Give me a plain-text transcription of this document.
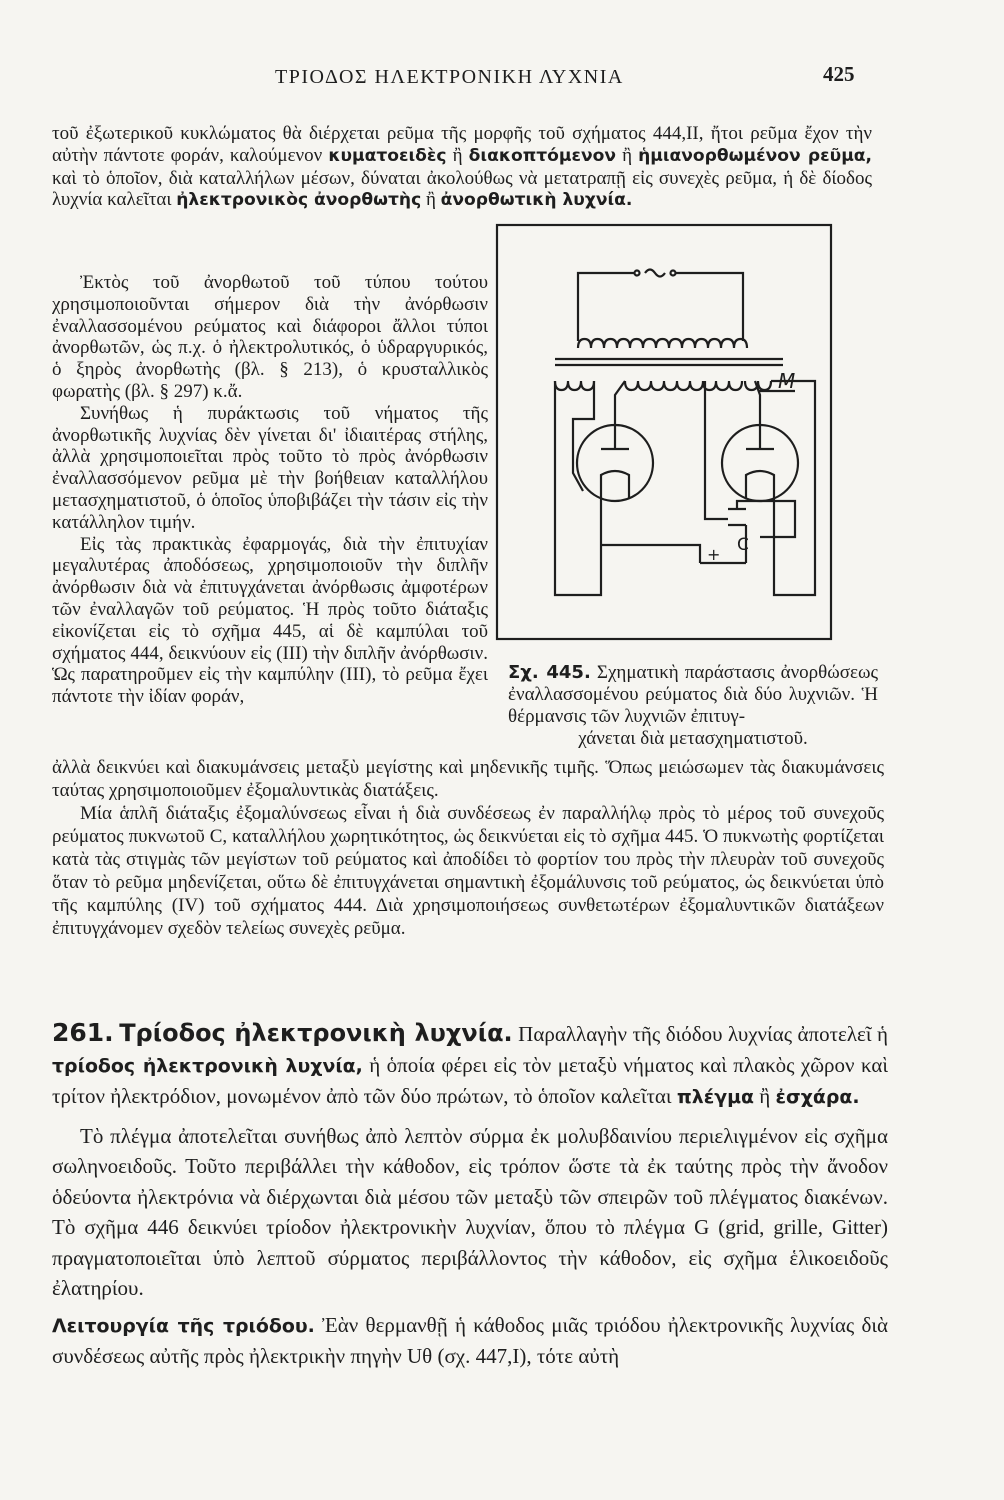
ΤΡΙΟΔΟΣ ΗΛΕΚΤΡΟΝΙΚΗ ΛΥΧΝΙΑ	425

τοῦ ἐξωτερικοῦ κυκλώματος θὰ διέρχεται ρεῦμα τῆς μορφῆς τοῦ σχήματος 444,II, ἤτοι ρεῦμα ἔχον τὴν αὐτὴν πάντοτε φοράν, καλούμενον κυματοειδὲς ἢ διακοπτόμενον ἢ ἡμιανορθωμένον ρεῦμα, καὶ τὸ ὁποῖον, διὰ καταλλήλων μέσων, δύναται ἀκολούθως νὰ μετατραπῇ εἰς συνεχὲς ρεῦμα, ἡ δὲ δίοδος λυχνία καλεῖται ἠλεκτρονικὸς ἀνορθωτὴς ἢ ἀνορθωτικὴ λυχνία.

Ἐκτὸς τοῦ ἀνορθωτοῦ τοῦ τύπου τούτου χρησιμοποιοῦνται σήμερον διὰ τὴν ἀνόρθωσιν ἐναλλασσομένου ρεύματος καὶ διάφοροι ἄλλοι τύποι ἀνορθωτῶν, ὡς π.χ. ὁ ἠλεκτρολυτικός, ὁ ὑδραργυρικός, ὁ ξηρὸς ἀνορθωτὴς (βλ. § 213), ὁ κρυσταλλικὸς φωρατὴς (βλ. § 297) κ.ἄ.

Συνήθως ἡ πυράκτωσις τοῦ νήματος τῆς ἀνορθωτικῆς λυχνίας δὲν γίνεται δι' ἰδιαιτέρας στήλης, ἀλλὰ χρησιμοποιεῖται πρὸς τοῦτο τὸ πρὸς ἀνόρθωσιν ἐναλλασσόμενον ρεῦμα μὲ τὴν βοήθειαν καταλλήλου μετασχηματιστοῦ, ὁ ὁποῖος ὑποβιβάζει τὴν τάσιν εἰς τὴν κατάλληλον τιμήν.

Εἰς τὰς πρακτικὰς ἐφαρμογάς, διὰ τὴν ἐπιτυχίαν μεγαλυτέρας ἀποδόσεως, χρησιμοποιοῦν τὴν διπλῆν ἀνόρθωσιν διὰ νὰ ἐπιτυγχάνεται ἀνόρθωσις ἀμφοτέρων τῶν ἐναλλαγῶν τοῦ ρεύματος. Ἡ πρὸς τοῦτο διάταξις εἰκονίζεται εἰς τὸ σχῆμα 445, αἱ δὲ καμπύλαι τοῦ σχήματος 444, δεικνύουν εἰς (III) τὴν διπλῆν ἀνόρθωσιν. Ὡς παρατηροῦμεν εἰς τὴν καμπύλην (III), τὸ ρεῦμα ἔχει πάντοτε τὴν ἰδίαν φοράν,

−
+
M
C
Σχ. 445. Σχηματικὴ παράστασις ἀνορθώσεως ἐναλλασσομένου ρεύματος διὰ δύο λυχνιῶν. Ἡ θέρμανσις τῶν λυχνιῶν ἐπιτυγ-
χάνεται διὰ μετασχηματιστοῦ.

ἀλλὰ δεικνύει καὶ διακυμάνσεις μεταξὺ μεγίστης καὶ μηδενικῆς τιμῆς. Ὅπως μειώσωμεν τὰς διακυμάνσεις ταύτας χρησιμοποιοῦμεν ἐξομαλυντικὰς διατάξεις.

Μία ἁπλῆ διάταξις ἐξομαλύνσεως εἶναι ἡ διὰ συνδέσεως ἐν παραλλήλῳ πρὸς τὸ μέρος τοῦ συνεχοῦς ρεύματος πυκνωτοῦ C, καταλλήλου χωρητικότητος, ὡς δεικνύεται εἰς τὸ σχῆμα 445. Ὁ πυκνωτὴς φορτίζεται κατὰ τὰς στιγμὰς τῶν μεγίστων τοῦ ρεύματος καὶ ἀποδίδει τὸ φορτίον του πρὸς τὴν πλευρὰν τοῦ συνεχοῦς ὅταν τὸ ρεῦμα μηδενίζεται, οὕτω δὲ ἐπιτυγχάνεται σημαντικὴ ἐξομάλυνσις τοῦ ρεύματος, ὡς δεικνύεται ὑπὸ τῆς καμπύλης (IV) τοῦ σχήματος 444. Διὰ χρησιμοποιήσεως συνθετωτέρων ἐξομαλυντικῶν διατάξεων ἐπιτυγχάνομεν σχεδὸν τελείως συνεχὲς ρεῦμα.

261. Τρίοδος ἠλεκτρονικὴ λυχνία. Παραλλαγὴν τῆς διόδου λυχνίας ἀποτελεῖ ἡ τρίοδος ἠλεκτρονικὴ λυχνία, ἡ ὁποία φέρει εἰς τὸν μεταξὺ νήματος καὶ πλακὸς χῶρον καὶ τρίτον ἠλεκτρόδιον, μονωμένον ἀπὸ τῶν δύο πρώτων, τὸ ὁποῖον καλεῖται πλέγμα ἢ ἐσχάρα.

Τὸ πλέγμα ἀποτελεῖται συνήθως ἀπὸ λεπτὸν σύρμα ἐκ μολυβδαινίου περιελιγμένον εἰς σχῆμα σωληνοειδοῦς. Τοῦτο περιβάλλει τὴν κάθοδον, εἰς τρόπον ὥστε τὰ ἐκ ταύτης πρὸς τὴν ἄνοδον ὁδεύοντα ἠλεκτρόνια νὰ διέρχωνται διὰ μέσου τῶν μεταξὺ τῶν σπειρῶν τοῦ πλέγματος διακένων. Τὸ σχῆμα 446 δεικνύει τρίοδον ἠλεκτρονικὴν λυχνίαν, ὅπου τὸ πλέγμα G (grid, grille, Gitter) πραγματοποιεῖται ὑπὸ λεπτοῦ σύρματος περιβάλλοντος τὴν κάθοδον, εἰς σχῆμα ἑλικοειδοῦς ἐλατηρίου.

Λειτουργία τῆς τριόδου. Ἐὰν θερμανθῇ ἡ κάθοδος μιᾶς τριόδου ἠλεκτρονικῆς λυχνίας διὰ συνδέσεως αὐτῆς πρὸς ἠλεκτρικὴν πηγὴν Uθ (σχ. 447,I), τότε αὐτὴ
